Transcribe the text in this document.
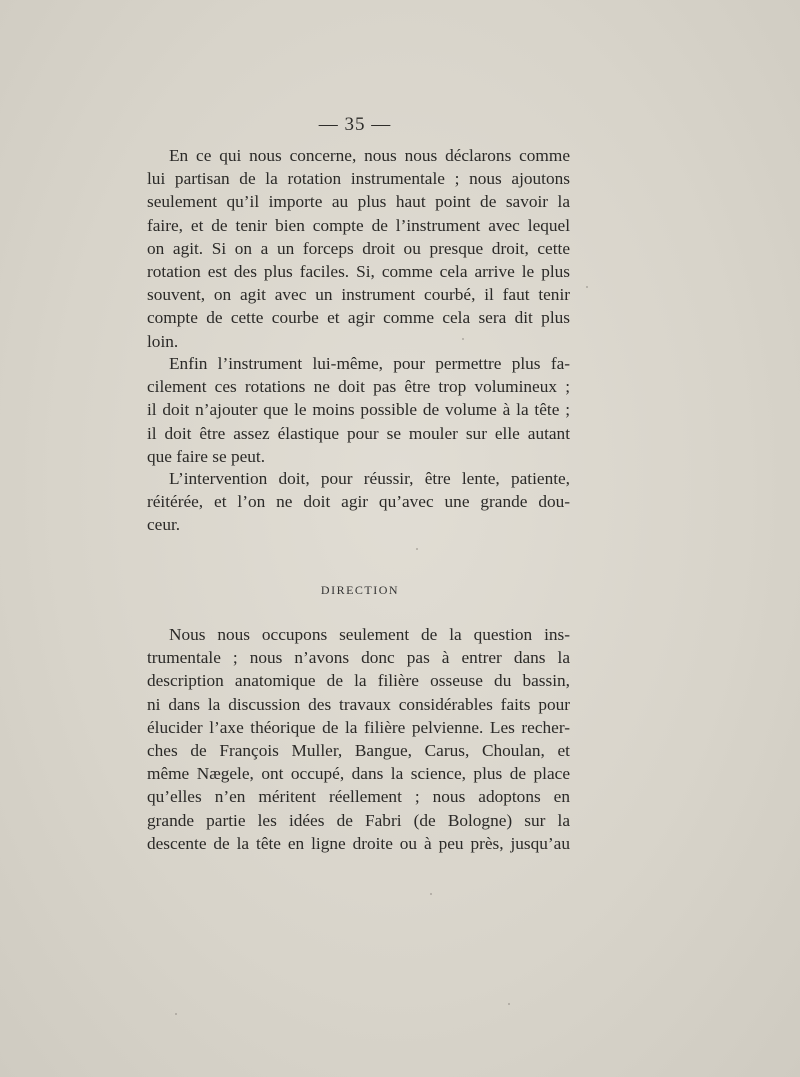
— 35 —
En ce qui nous concerne, nous nous déclarons comme
lui partisan de la rotation instrumentale ; nous ajoutons
seulement qu’il importe au plus haut point de savoir la
faire, et de tenir bien compte de l’instrument avec lequel
on agit. Si on a un forceps droit ou presque droit, cette
rotation est des plus faciles. Si, comme cela arrive le plus
souvent, on agit avec un instrument courbé, il faut tenir
compte de cette courbe et agir comme cela sera dit plus
loin.
Enfin l’instrument lui-même, pour permettre plus fa-
cilement ces rotations ne doit pas être trop volumineux ;
il doit n’ajouter que le moins possible de volume à la tête ;
il doit être assez élastique pour se mouler sur elle autant
que faire se peut.
L’intervention doit, pour réussir, être lente, patiente,
réitérée, et l’on ne doit agir qu’avec une grande dou-
ceur.
DIRECTION
Nous nous occupons seulement de la question ins-
trumentale ; nous n’avons donc pas à entrer dans la
description anatomique de la filière osseuse du bassin,
ni dans la discussion des travaux considérables faits pour
élucider l’axe théorique de la filière pelvienne. Les recher-
ches de François Muller, Bangue, Carus, Choulan, et
même Nægele, ont occupé, dans la science, plus de place
qu’elles n’en méritent réellement ; nous adoptons en
grande partie les idées de Fabri (de Bologne) sur la
descente de la tête en ligne droite ou à peu près, jusqu’au
